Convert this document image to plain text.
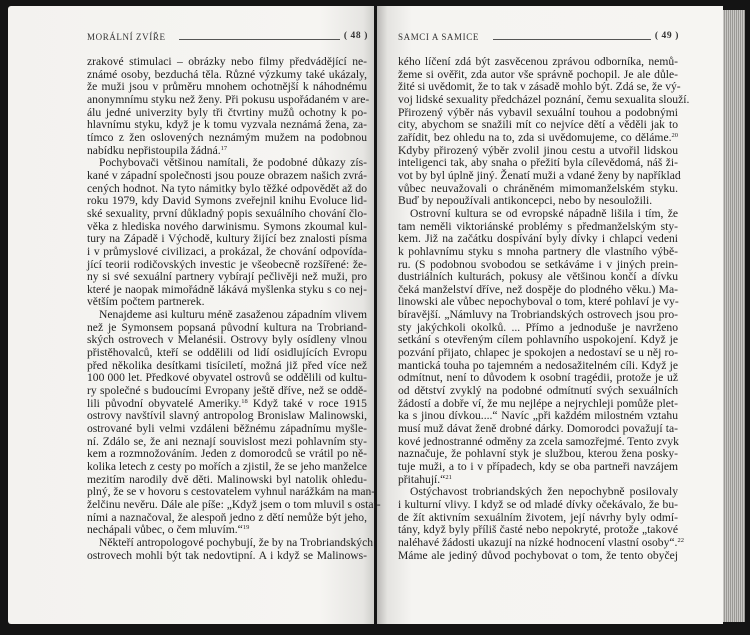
MORÁLNÍ ZVÍŘE	( 48 )	SAMCI A SAMICE	( 49 )
zrakové stimulaci – obrázky nebo filmy předvádějící ne-
známé osoby, bezduchá těla. Různé výzkumy také ukázaly,
že muži jsou v průměru mnohem ochotnější k náhodnému
anonymnímu styku než ženy. Při pokusu uspořádaném v are-
álu jedné univerzity byly tři čtvrtiny mužů ochotny k po-
hlavnímu styku, když je k tomu vyzvala neznámá žena, za-
tímco z žen oslovených neznámým mužem na podobnou
nabídku nepřistoupila žádná.$^{17}$
Pochybovači většinou namítali, že podobné důkazy zís-
kané v západní společnosti jsou pouze obrazem našich zvrá-
cených hodnot. Na tyto námitky bylo těžké odpovědět až do
roku 1979, kdy David Symons zveřejnil knihu Evoluce lid-
ské sexuality, první důkladný popis sexuálního chování člo-
věka z hlediska nového darwinismu. Symons zkoumal kul-
tury na Západě i Východě, kultury žijící bez znalosti písma
i v průmyslové civilizaci, a prokázal, že chování odpovída-
jící teorii rodičovských investic je všeobecně rozšířené: že-
ny si své sexuální partnery vybírají pečlivěji než muži, pro
které je naopak mimořádně lákává myšlenka styku s co nej-
větším počtem partnerek.
Nenajdeme asi kulturu méně zasaženou západním vlivem
než je Symonsem popsaná původní kultura na Trobriand-
ských ostrovech v Melanésii. Ostrovy byly osídleny vlnou
přistěhovalců, kteří se oddělili od lidí osidlujících Evropu
před několika desítkami tisíciletí, možná již před více než
100 000 let. Předkové obyvatel ostrovů se oddělili od kultu-
ry společné s budoucími Evropany ještě dříve, než se oddě-
lili původní obyvatelé Ameriky.$^{18}$ Když také v roce 1915
ostrovy navštívil slavný antropolog Bronislaw Malinowski,
ostrované byli velmi vzdáleni běžnému západnímu myšle-
ní. Zdálo se, že ani neznají souvislost mezi pohlavním sty-
kem a rozmnožováním. Jeden z domorodců se vrátil po ně-
kolika letech z cesty po mořích a zjistil, že se jeho manželce
mezitím narodily dvě děti. Malinowski byl natolik ohledu-
plný, že se v hovoru s cestovatelem vyhnul narážkám na man-
želčinu nevěru. Dále ale píše: „Když jsem o tom mluvil s ostat-
ními a naznačoval, že alespoň jedno z dětí nemůže být jeho,
nechápali vůbec, o čem mluvím.“$^{19}$
Někteří antropologové pochybují, že by na Trobriandských
ostrovech mohli být tak nedovtipní. A i když se Malinows-
kého líčení zdá být zasvěcenou zprávou odborníka, nemů-
žeme si ověřit, zda autor vše správně pochopil. Je ale důle-
žité si uvědomit, že to tak v zásadě mohlo být. Zdá se, že vý-
voj lidské sexuality předcházel poznání, čemu sexualita slouží.
Přirozený výběr nás vybavil sexuální touhou a podobnými
city, abychom se snažili mít co nejvíce dětí a věděli jak to
zařídit, bez ohledu na to, zda si uvědomujeme, co děláme.$^{20}$
Kdyby přirozený výběr zvolil jinou cestu a utvořil lidskou
inteligenci tak, aby snaha o přežití byla cílevědomá, náš ži-
vot by byl úplně jiný. Ženatí muži a vdané ženy by například
vůbec neuvažovali o chráněném mimomanželském styku.
Buď by nepoužívali antikoncepci, nebo by nesouložili.
Ostrovní kultura se od evropské nápadně lišila i tím, že
tam neměli viktoriánské problémy s předmanželským sty-
kem. Již na začátku dospívání byly dívky i chlapci vedeni
k pohlavnímu styku s mnoha partnery dle vlastního výbě-
ru. (S podobnou svobodou se setkáváme i v jiných prein-
dustriálních kulturách, pokusy ale většinou končí a dívku
čeká manželství dříve, než dospěje do plodného věku.) Ma-
linowski ale vůbec nepochyboval o tom, které pohlaví je vy-
bíravější. „Námluvy na Trobriandských ostrovech jsou pro-
sty jakýchkoli okolků. ... Přímo a jednoduše je navrženo
setkání s otevřeným cílem pohlavního uspokojení. Když je
pozvání přijato, chlapec je spokojen a nedostaví se u něj ro-
mantická touha po tajemném a nedosažitelném cíli. Když je
odmítnut, není to důvodem k osobní tragédii, protože je už
od dětství zvyklý na podobné odmítnutí svých sexuálních
žádostí a dobře ví, že mu nejlépe a nejrychleji pomůže plet-
ka s jinou dívkou....“ Navíc „při každém milostném vztahu
musí muž dávat ženě drobné dárky. Domorodci považují ta-
kové jednostranné odměny za zcela samozřejmé. Tento zvyk
naznačuje, že pohlavní styk je službou, kterou žena posky-
tuje muži, a to i v případech, kdy se oba partneři navzájem
přitahují.“$^{21}$
Ostýchavost trobriandských žen nepochybně posilovaly
i kulturní vlivy. I když se od mladé dívky očekávalo, že bu-
de žít aktivním sexuálním životem, její návrhy byly odmí-
tány, když byly příliš časté nebo nepokryté, protože „takové
naléhavé žádosti ukazují na nízké hodnocení vlastní osoby“.$^{22}$
Máme ale jediný důvod pochybovat o tom, že tento obyčej
